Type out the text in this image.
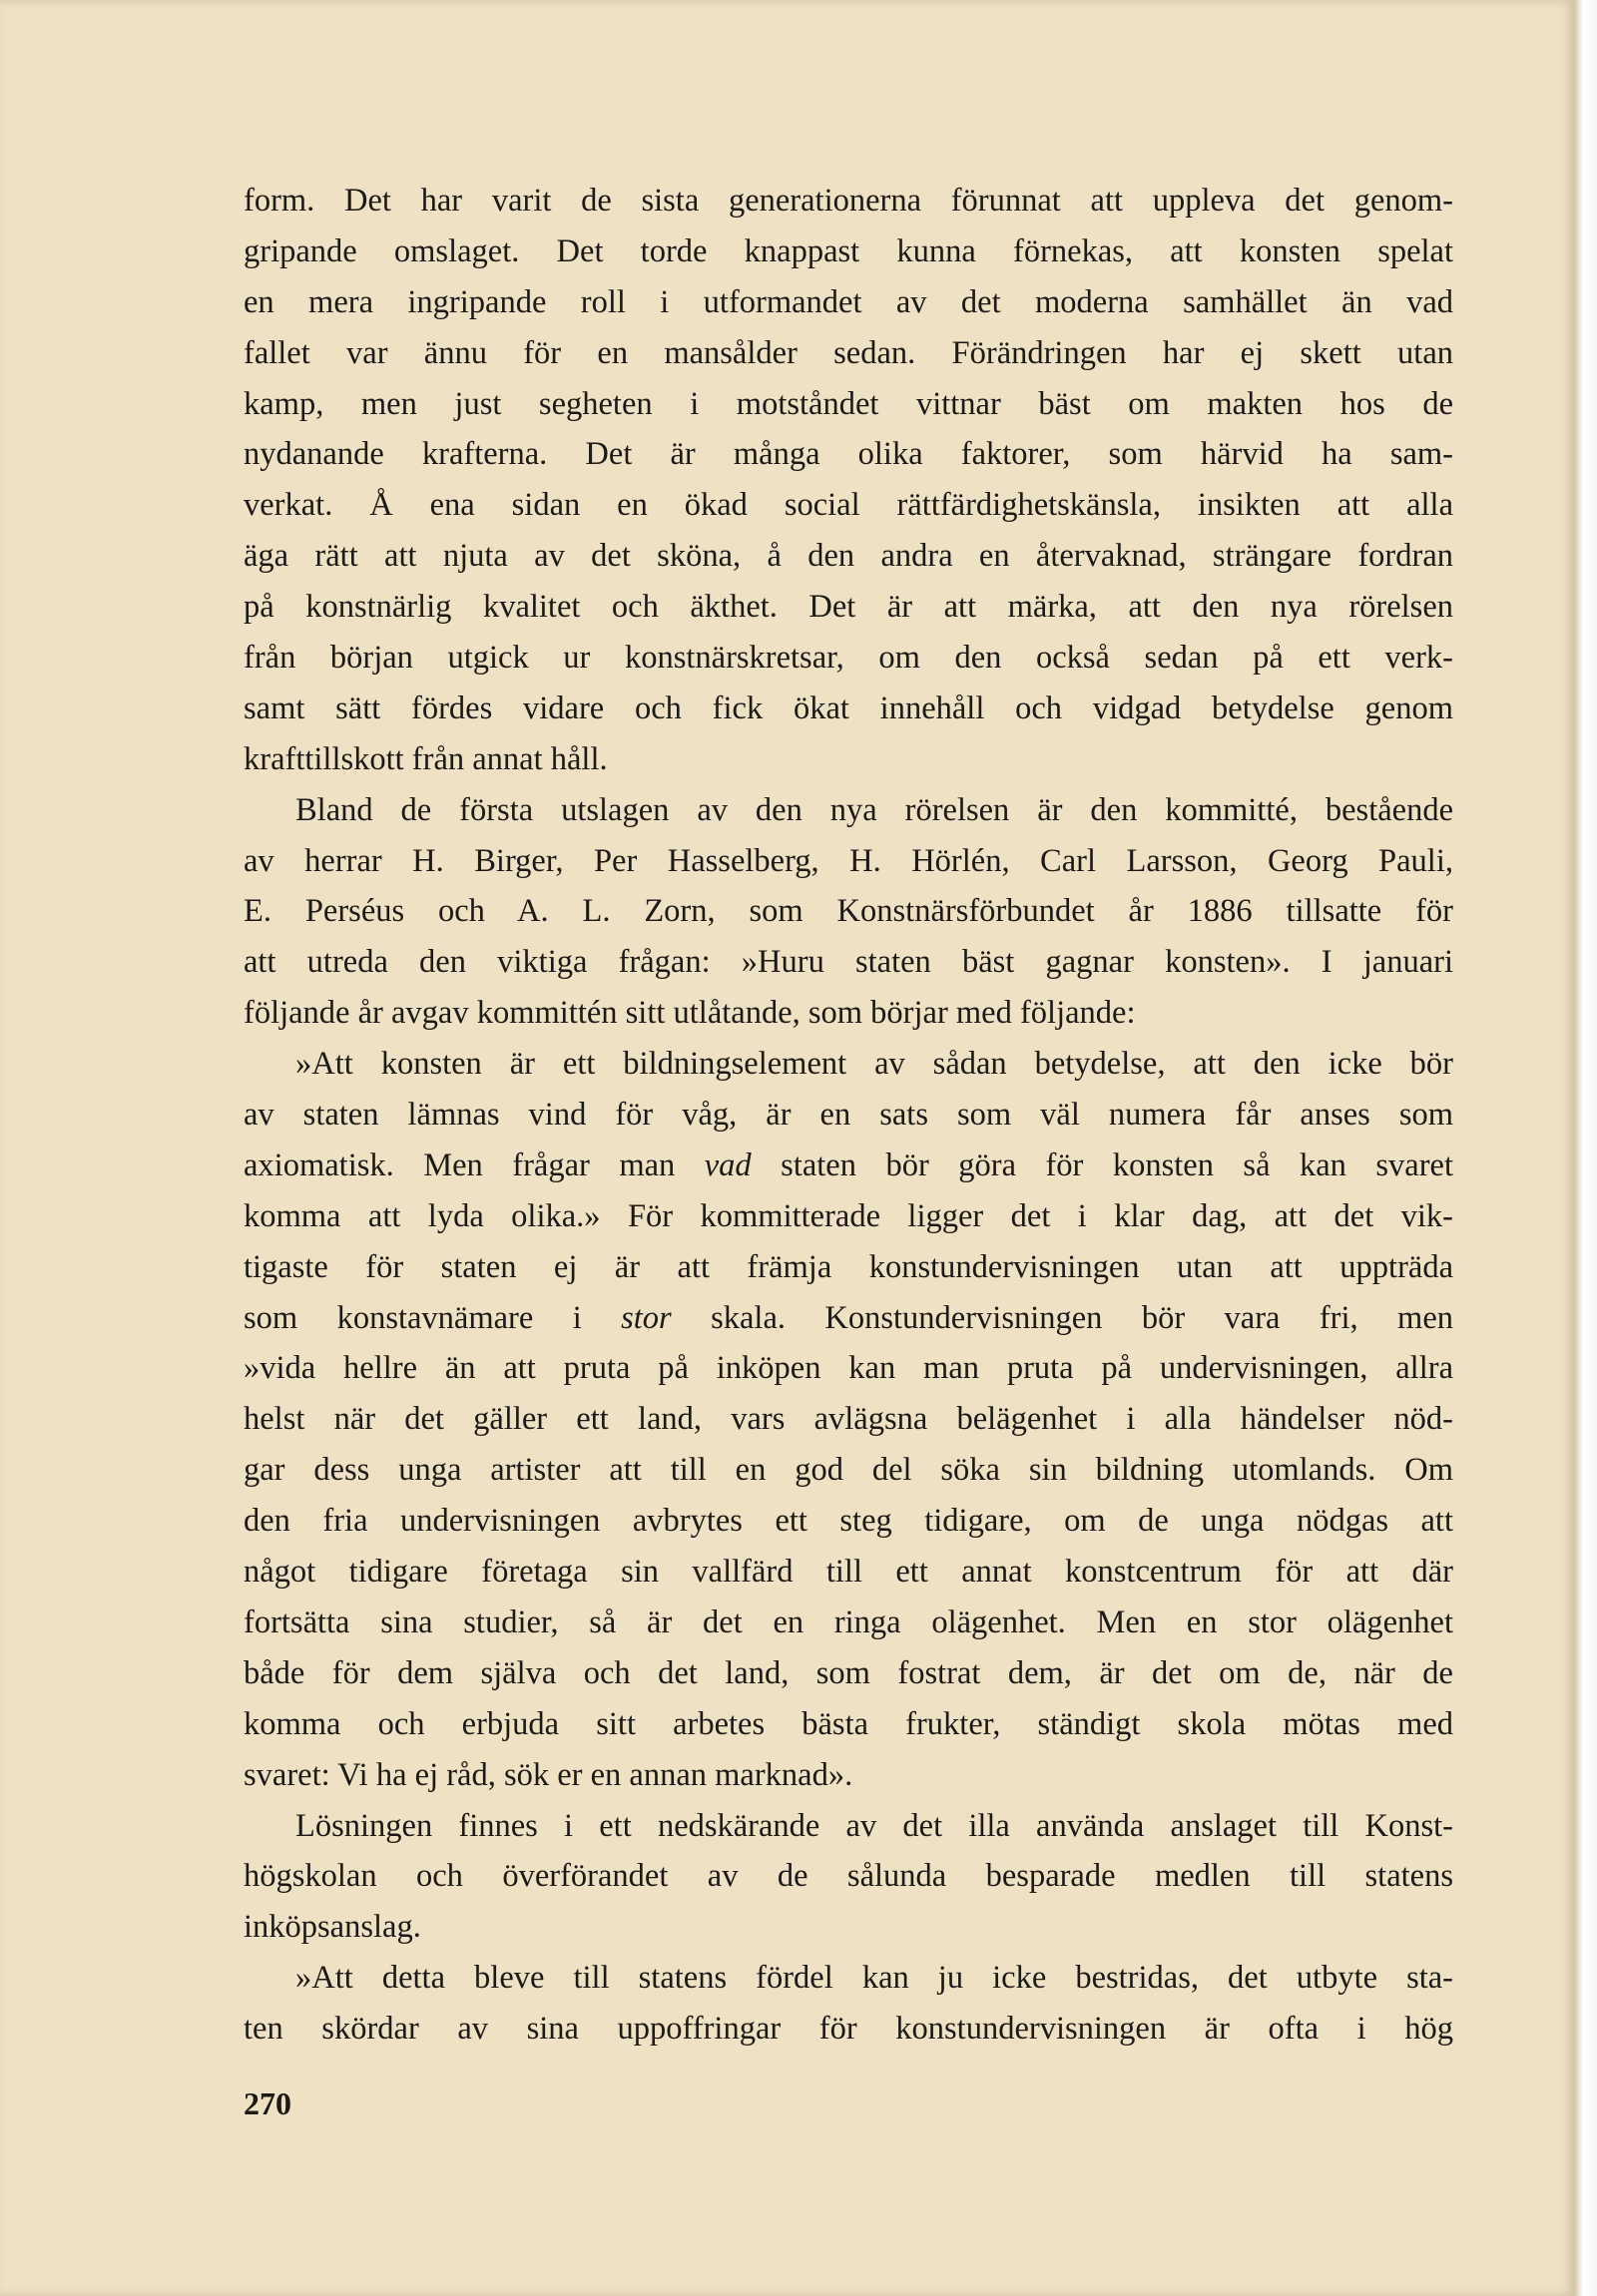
form. Det har varit de sista generationerna förunnat att uppleva det genom-
gripande omslaget. Det torde knappast kunna förnekas, att konsten spelat
en mera ingripande roll i utformandet av det moderna samhället än vad
fallet var ännu för en mansålder sedan. Förändringen har ej skett utan
kamp, men just segheten i motståndet vittnar bäst om makten hos de
nydanande krafterna. Det är många olika faktorer, som härvid ha sam-
verkat. Å ena sidan en ökad social rättfärdighetskänsla, insikten att alla
äga rätt att njuta av det sköna, å den andra en återvaknad, strängare fordran
på konstnärlig kvalitet och äkthet. Det är att märka, att den nya rörelsen
från början utgick ur konstnärskretsar, om den också sedan på ett verk-
samt sätt fördes vidare och fick ökat innehåll och vidgad betydelse genom
krafttillskott från annat håll.
Bland de första utslagen av den nya rörelsen är den kommitté, bestående
av herrar H. Birger, Per Hasselberg, H. Hörlén, Carl Larsson, Georg Pauli,
E. Perséus och A. L. Zorn, som Konstnärsförbundet år 1886 tillsatte för
att utreda den viktiga frågan: »Huru staten bäst gagnar konsten». I januari
följande år avgav kommittén sitt utlåtande, som börjar med följande:
»Att konsten är ett bildningselement av sådan betydelse, att den icke bör
av staten lämnas vind för våg, är en sats som väl numera får anses som
axiomatisk. Men frågar man vad staten bör göra för konsten så kan svaret
komma att lyda olika.» För kommitterade ligger det i klar dag, att det vik-
tigaste för staten ej är att främja konstundervisningen utan att uppträda
som konstavnämare i stor skala. Konstundervisningen bör vara fri, men
»vida hellre än att pruta på inköpen kan man pruta på undervisningen, allra
helst när det gäller ett land, vars avlägsna belägenhet i alla händelser nöd-
gar dess unga artister att till en god del söka sin bildning utomlands. Om
den fria undervisningen avbrytes ett steg tidigare, om de unga nödgas att
något tidigare företaga sin vallfärd till ett annat konstcentrum för att där
fortsätta sina studier, så är det en ringa olägenhet. Men en stor olägenhet
både för dem själva och det land, som fostrat dem, är det om de, när de
komma och erbjuda sitt arbetes bästa frukter, ständigt skola mötas med
svaret: Vi ha ej råd, sök er en annan marknad».
Lösningen finnes i ett nedskärande av det illa använda anslaget till Konst-
högskolan och överförandet av de sålunda besparade medlen till statens
inköpsanslag.
»Att detta bleve till statens fördel kan ju icke bestridas, det utbyte sta-
ten skördar av sina uppoffringar för konstundervisningen är ofta i hög
270
